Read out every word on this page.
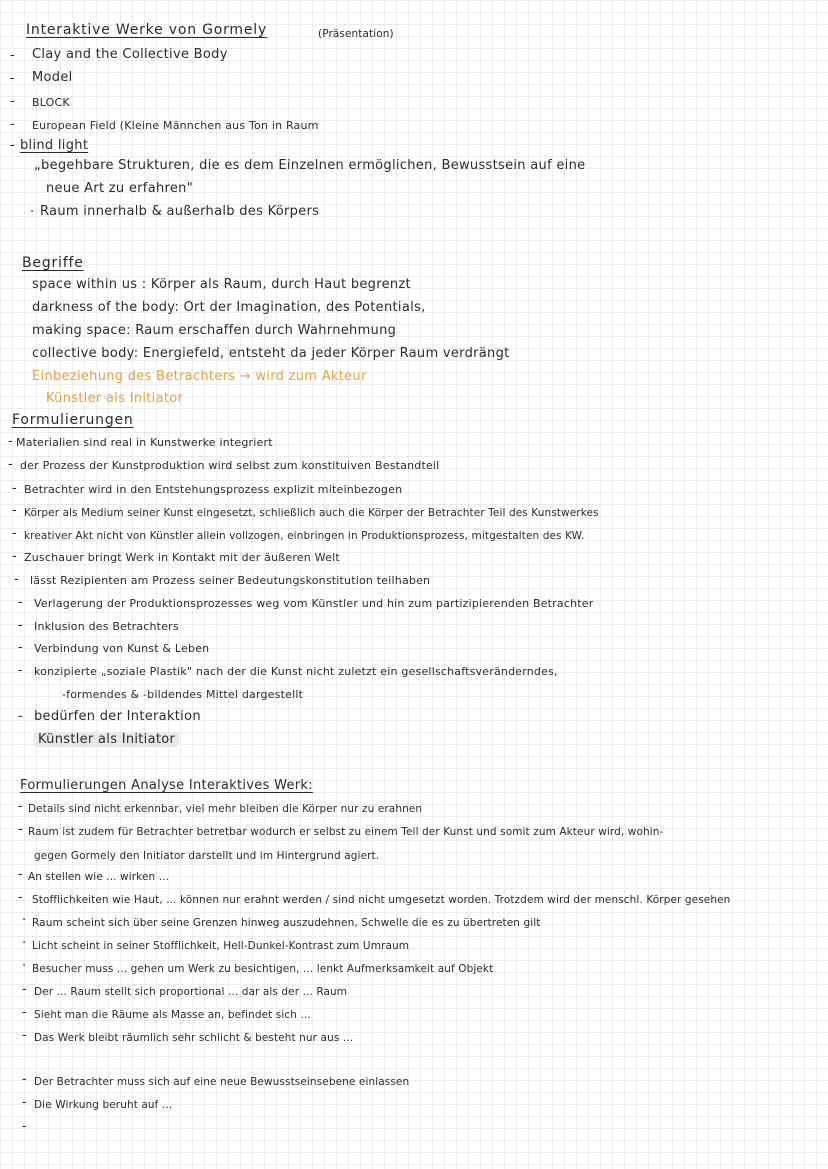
Interaktive Werke von Gormely	(Präsentation)
- Clay and the Collective Body
- Model
- BLOCK
- European Field (Kleine Männchen aus Ton in Raum
- blind light
„begehbare Strukturen, die es dem Einzelnen ermöglichen, Bewusstsein auf eine
neue Art zu erfahren"
· Raum innerhalb & außerhalb des Körpers
Begriffe
space within us : Körper als Raum, durch Haut begrenzt
darkness of the body: Ort der Imagination, des Potentials,
making space: Raum erschaffen durch Wahrnehmung
collective body: Energiefeld, entsteht da jeder Körper Raum verdrängt
Einbeziehung des Betrachters → wird zum Akteur
Künstler als Initiator
Formulierungen
- Materialien sind real in Kunstwerke integriert
- der Prozess der Kunstproduktion wird selbst zum konstituiven Bestandteil
- Betrachter wird in den Entstehungsprozess explizit miteinbezogen
- Körper als Medium seiner Kunst eingesetzt, schließlich auch die Körper der Betrachter Teil des Kunstwerkes
- kreativer Akt nicht von Künstler allein vollzogen, einbringen in Produktionsprozess, mitgestalten des KW.
- Zuschauer bringt Werk in Kontakt mit der äußeren Welt
- lässt Rezipienten am Prozess seiner Bedeutungskonstitution teilhaben
- Verlagerung der Produktionsprozesses weg vom Künstler und hin zum partizipierenden Betrachter
- Inklusion des Betrachters
- Verbindung von Kunst & Leben
- konzipierte „soziale Plastik" nach der die Kunst nicht zuletzt ein gesellschaftsveränderndes,
-formendes & -bildendes Mittel dargestellt
- bedürfen der Interaktion
Künstler als Initiator
Formulierungen Analyse Interaktives Werk:
- Details sind nicht erkennbar, viel mehr bleiben die Körper nur zu erahnen
- Raum ist zudem für Betrachter betretbar wodurch er selbst zu einem Teil der Kunst und somit zum Akteur wird, wohin-
gegen Gormely den Initiator darstellt und im Hintergrund agiert.
- An stellen wie ... wirken ...
- Stofflichkeiten wie Haut, ... können nur erahnt werden / sind nicht umgesetzt worden. Trotzdem wird der menschl. Körper gesehen
· Raum scheint sich über seine Grenzen hinweg auszudehnen, Schwelle die es zu übertreten gilt
· Licht scheint in seiner Stofflichkeit, Hell-Dunkel-Kontrast zum Umraum
· Besucher muss ... gehen um Werk zu besichtigen, ... lenkt Aufmerksamkeit auf Objekt
- Der ... Raum stellt sich proportional ... dar als der ... Raum
- Sieht man die Räume als Masse an, befindet sich ...
- Das Werk bleibt räumlich sehr schlicht & besteht nur aus ...
- Der Betrachter muss sich auf eine neue Bewusstseinsebene einlassen
- Die Wirkung beruht auf ...
-
